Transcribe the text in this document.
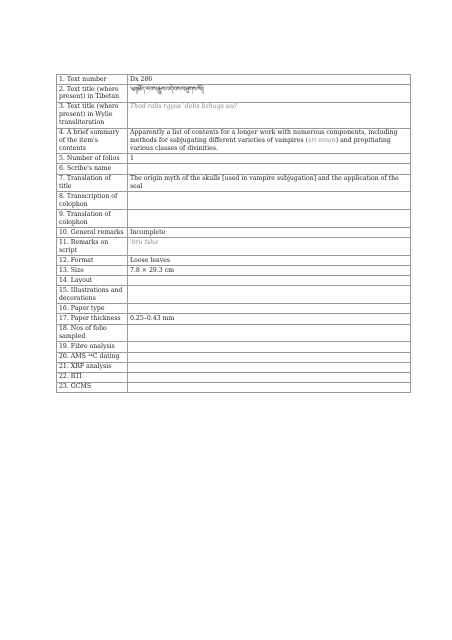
1. Text number	Dx 286
2. Text title (where present) in Tibetan	༄།།ཐོད་རབས་རྒྱུས་འདེབས་བཟུགས་སོ།།
3. Text title (where present) in Wylie transliteration	Thod rabs rgyus 'debs bzhugs so//
4. A brief summary of the item's contents	Apparently a list of contents for a longer work with numerous components, including methods for subjugating different varieties of vampires (sri mnan) and propitiating various classes of divinities.
5. Number of folios	1
6. Scribe's name	
7. Translation of title	The origin myth of the skulls [used in vampire subjugation] and the application of the seal
8. Transcription of colophon	
9. Translation of colophon	
10. General remarks	Incomplete
11. Remarks on script	'bru tsha
12. Format	Loose leaves
13. Size	7.8 × 29.3 cm
14. Layout	
15. Illustrations and decorations	
16. Paper type	
17. Paper thickness	0.25–0.43 mm
18. Nos of folio sampled	
19. Fibre analysis	
20. AMS ¹⁴C dating	
21. XRF analysis	
22. RTI	
23. GCMS	
